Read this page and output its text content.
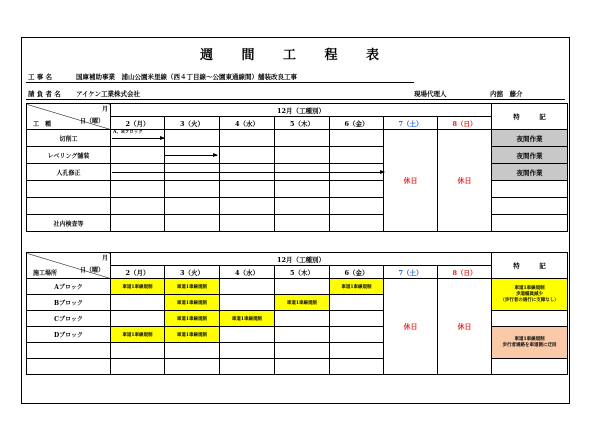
週 間 工 程 表
工 事 名	国庫補助事業　浦山公園米里線（西４丁目線～公園東通線間）舗装改良工事
請 負 者 名 アイケン工業株式会社	現場代理人	内舘　藤介
月
日（曜）
工　種	12月（工種別）							特　　　記
	2（月）	3（火）	4（水）	5（木）	6（金）	7（土）	8（日）	
切削工	A、Bブロック					休日	休日	夜間作業
レベリング舗装								夜間作業
人孔修正								夜間作業

社内検査等								
月
日（曜）
施工場所	12月（工種別）							特　　　記
	2（月）	3（火）	4（水）	5（木）	6（金）	7（土）	8（日）	
Aブロック	車道1車線規制	車道1車線規制			車道1車線規制	休日	休日	車道1車線規制
歩道幅員減少
（歩行者の通行に支障なし）

Bブロック		車道1車線規制		車道1車線規制				
Cブロック		車道1車線規制	車道1車線規制					
Dブロック	車道1車線規制	車道1車線規制						車道1車線規制
歩行者通路を車道側に迂回
